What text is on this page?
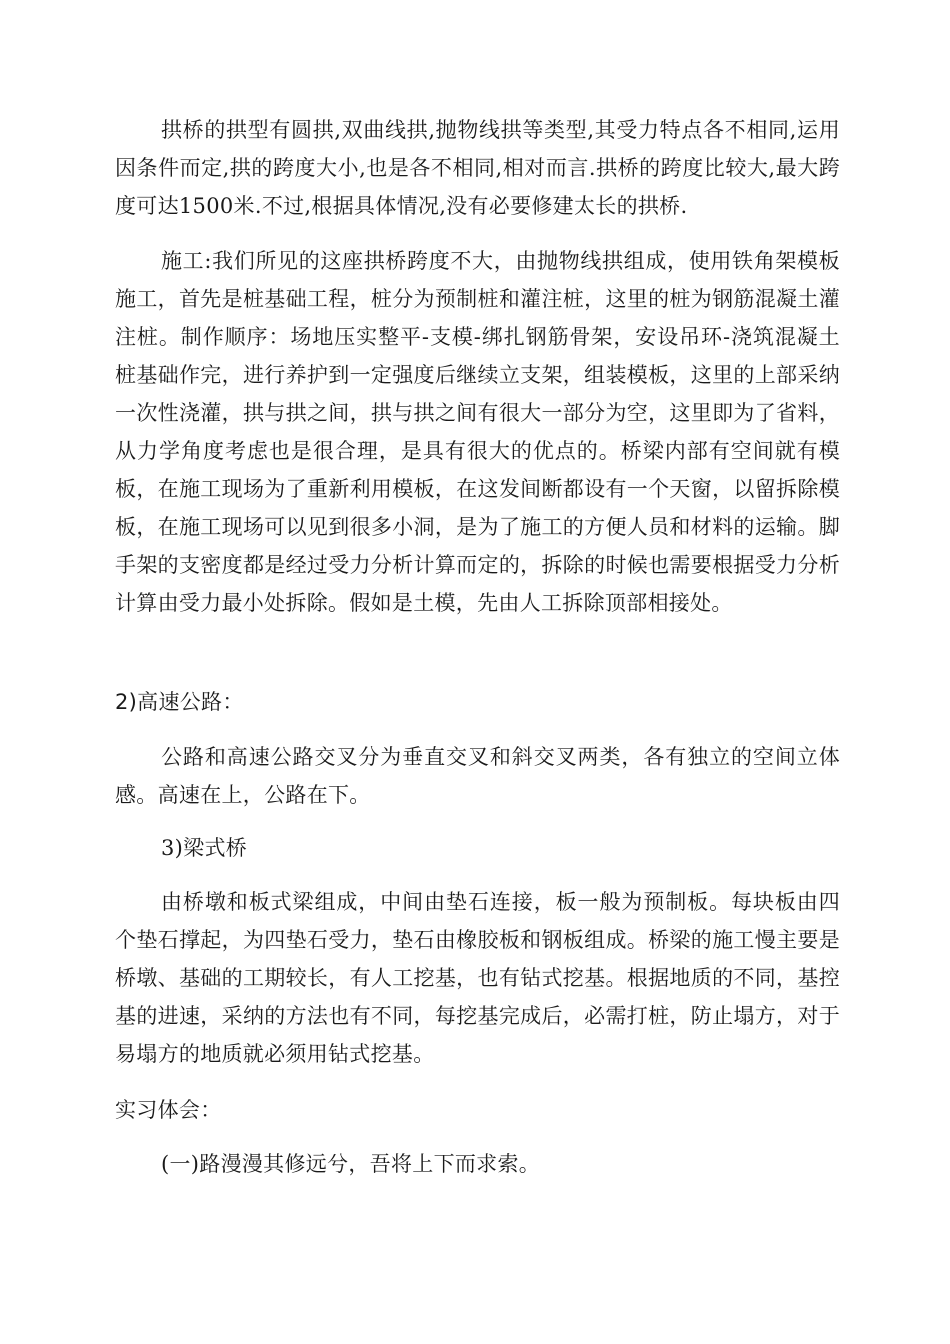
拱桥的拱型有圆拱,双曲线拱,抛物线拱等类型,其受力特点各不相同,运用因条件而定,拱的跨度大小,也是各不相同,相对而言.拱桥的跨度比较大,最大跨度可达1500米.不过,根据具体情况,没有必要修建太长的拱桥.

施工:我们所见的这座拱桥跨度不大，由抛物线拱组成，使用铁角架模板施工，首先是桩基础工程，桩分为预制桩和灌注桩，这里的桩为钢筋混凝土灌注桩。制作顺序：场地压实整平-支模-绑扎钢筋骨架，安设吊环-浇筑混凝土桩基础作完，进行养护到一定强度后继续立支架，组装模板，这里的上部采纳一次性浇灌，拱与拱之间，拱与拱之间有很大一部分为空，这里即为了省料，从力学角度考虑也是很合理，是具有很大的优点的。桥梁内部有空间就有模板，在施工现场为了重新利用模板，在这发间断都设有一个天窗，以留拆除模板，在施工现场可以见到很多小洞，是为了施工的方便人员和材料的运输。脚手架的支密度都是经过受力分析计算而定的，拆除的时候也需要根据受力分析计算由受力最小处拆除。假如是土模，先由人工拆除顶部相接处。

2)高速公路：

公路和高速公路交叉分为垂直交叉和斜交叉两类，各有独立的空间立体感。高速在上，公路在下。

3)梁式桥

由桥墩和板式梁组成，中间由垫石连接，板一般为预制板。每块板由四个垫石撑起，为四垫石受力，垫石由橡胶板和钢板组成。桥梁的施工慢主要是桥墩、基础的工期较长，有人工挖基，也有钻式挖基。根据地质的不同，基控基的进速，采纳的方法也有不同，每挖基完成后，必需打桩，防止塌方，对于易塌方的地质就必须用钻式挖基。

实习体会：

(一)路漫漫其修远兮，吾将上下而求索。
